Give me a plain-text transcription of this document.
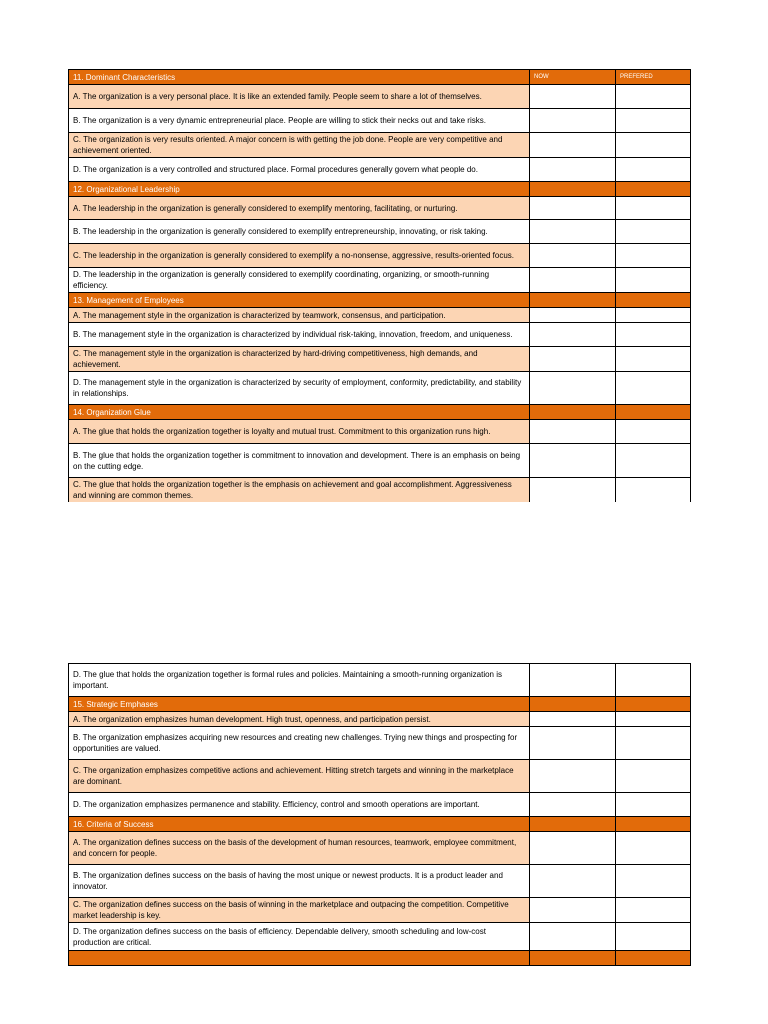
11. Dominant Characteristics	NOW	PREFERED
A. The organization is a very personal place. It is like an extended family. People seem to share a lot of themselves.		
B. The organization is a very dynamic entrepreneurial place. People are willing to stick their necks out and take risks.		
C. The organization is very results oriented. A major concern is with getting the job done. People are very competitive and achievement oriented.		
D. The organization is a very controlled and structured place. Formal procedures generally govern what people do.		
12. Organizational Leadership		
A. The leadership in the organization is generally considered to exemplify mentoring, facilitating, or nurturing.		
B. The leadership in the organization is generally considered to exemplify entrepreneurship, innovating, or risk taking.		
C. The leadership in the organization is generally considered to exemplify a no-nonsense, aggressive, results-oriented focus.		
D. The leadership in the organization is generally considered to exemplify coordinating, organizing, or smooth-running efficiency.		
13. Management of Employees		
A. The management style in the organization is characterized by teamwork, consensus, and participation.		
B. The management style in the organization is characterized by individual risk-taking, innovation, freedom, and uniqueness.		
C. The management style in the organization is characterized by hard-driving competitiveness, high demands, and achievement.		
D. The management style in the organization is characterized by security of employment, conformity, predictability, and stability in relationships.		
14. Organization Glue		
A. The glue that holds the organization together is loyalty and mutual trust. Commitment to this organization runs high.		
B. The glue that holds the organization together is commitment to innovation and development. There is an emphasis on being on the cutting edge.		
C. The glue that holds the organization together is the emphasis on achievement and goal accomplishment. Aggressiveness and winning are common themes.		
D. The glue that holds the organization together is formal rules and policies. Maintaining a smooth-running organization is important.		
15. Strategic Emphases		
A. The organization emphasizes human development. High trust, openness, and participation persist.		
B. The organization emphasizes acquiring new resources and creating new challenges. Trying new things and prospecting for opportunities are valued.		
C. The organization emphasizes competitive actions and achievement. Hitting stretch targets and winning in the marketplace are dominant.		
D. The organization emphasizes permanence and stability. Efficiency, control and smooth operations are important.		
16. Criteria of Success		
A. The organization defines success on the basis of the development of human resources, teamwork, employee commitment, and concern for people.		
B. The organization defines success on the basis of having the most unique or newest products. It is a product leader and innovator.		
C. The organization defines success on the basis of winning in the marketplace and outpacing the competition. Competitive market leadership is key.		
D. The organization defines success on the basis of efficiency. Dependable delivery, smooth scheduling and low-cost production are critical.		
